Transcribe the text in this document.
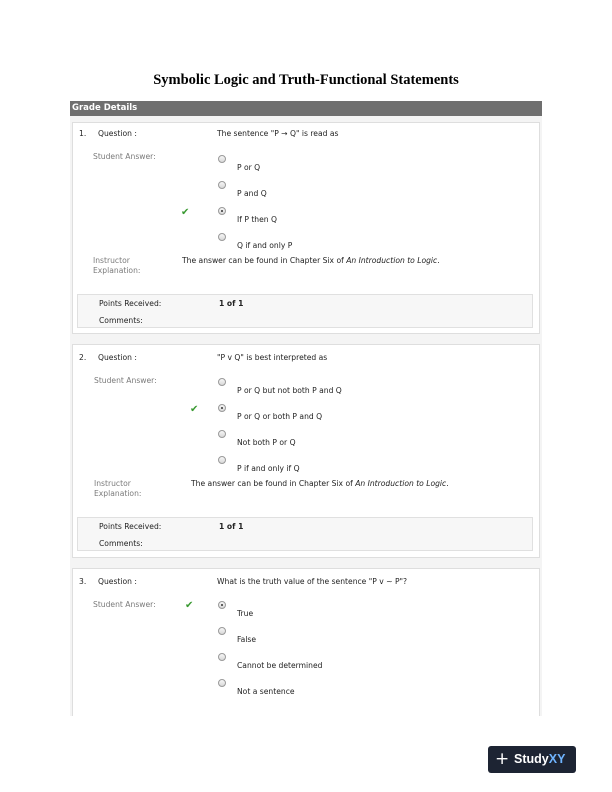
Symbolic Logic and Truth-Functional Statements
Grade Details
1. Question :	The sentence "P → Q" is read as
Student Answer:
P or Q
P and Q
✔
If P then Q
Q if and only P
Instructor
Explanation:
The answer can be found in Chapter Six of An Introduction to Logic.
Points Received:	1 of 1
Comments:
2. Question :	"P v Q" is best interpreted as
Student Answer:
P or Q but not both P and Q
✔
P or Q or both P and Q
Not both P or Q
P if and only if Q
Instructor
Explanation:
The answer can be found in Chapter Six of An Introduction to Logic.
Points Received:	1 of 1
Comments:
3. Question :	What is the truth value of the sentence "P v ~ P"?
Student Answer:	✔
True
False
Cannot be determined
Not a sentence
+ StudyXY
